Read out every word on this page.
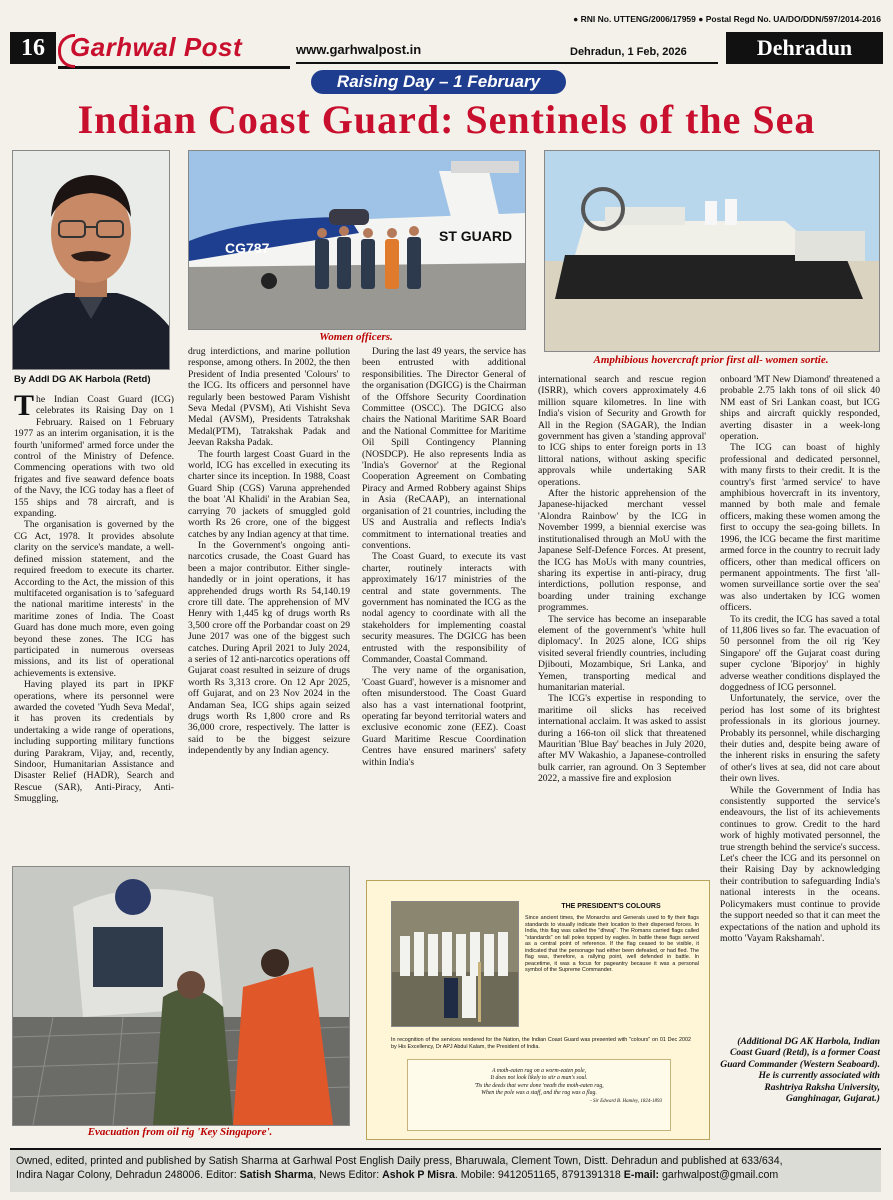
● RNI No. UTTENG/2006/17959 ● Postal Regd No. UA/DO/DDN/597/2014-2016
16 Garhwal Post	www.garhwalpost.in	Dehradun, 1 Feb, 2026	Dehradun
Raising Day – 1 February
Indian Coast Guard: Sentinels of the Sea
By Addl DG AK Harbola (Retd)
CG787
ST GUARD
Women officers.
Amphibious hovercraft prior first all- women sortie.

The Indian Coast Guard (ICG) celebrates its Raising Day on 1 February. Raised on 1 February 1977 as an interim organisation, it is the fourth 'uniformed' armed force under the control of the Ministry of Defence. Commencing operations with two old frigates and five seaward defence boats of the Navy, the ICG today has a fleet of 155 ships and 78 aircraft, and is expanding.

The organisation is governed by the CG Act, 1978. It provides absolute clarity on the service's mandate, a well-defined mission statement, and the required freedom to execute its charter. According to the Act, the mission of this multifaceted organisation is to 'safeguard the national maritime interests' in the maritime zones of India. The Coast Guard has done much more, even going beyond these zones. The ICG has participated in numerous overseas missions, and its list of operational achievements is extensive.

Having played its part in IPKF operations, where its personnel were awarded the coveted 'Yudh Seva Medal', it has proven its credentials by undertaking a wide range of operations, including supporting military functions during Parakram, Vijay, and, recently, Sindoor, Humanitarian Assistance and Disaster Relief (HADR), Search and Rescue (SAR), Anti-Piracy, Anti-Smuggling,

drug interdictions, and marine pollution response, among others. In 2002, the then President of India presented 'Colours' to the ICG. Its officers and personnel have regularly been bestowed Param Vishisht Seva Medal (PVSM), Ati Vishisht Seva Medal (AVSM), Presidents Tatrakshak Medal(PTM), Tatrakshak Padak and Jeevan Raksha Padak.

The fourth largest Coast Guard in the world, ICG has excelled in executing its charter since its inception. In 1988, Coast Guard Ship (CGS) Varuna apprehended the boat 'Al Khalidi' in the Arabian Sea, carrying 70 jackets of smuggled gold worth Rs 26 crore, one of the biggest catches by any Indian agency at that time.

In the Government's ongoing anti-narcotics crusade, the Coast Guard has been a major contributor. Either single-handedly or in joint operations, it has apprehended drugs worth Rs 54,140.19 crore till date. The apprehension of MV Henry with 1,445 kg of drugs worth Rs 3,500 crore off the Porbandar coast on 29 June 2017 was one of the biggest such catches. During April 2021 to July 2024, a series of 12 anti-narcotics operations off Gujarat coast resulted in seizure of drugs worth Rs 3,313 crore. On 12 Apr 2025, off Gujarat, and on 23 Nov 2024 in the Andaman Sea, ICG ships again seized drugs worth Rs 1,800 crore and Rs 36,000 crore, respectively. The latter is said to be the biggest seizure independently by any Indian agency.

During the last 49 years, the service has been entrusted with additional responsibilities. The Director General of the organisation (DGICG) is the Chairman of the Offshore Security Coordination Committee (OSCC). The DGICG also chairs the National Maritime SAR Board and the National Committee for Maritime Oil Spill Contingency Planning (NOSDCP). He also represents India as 'India's Governor' at the Regional Cooperation Agreement on Combating Piracy and Armed Robbery against Ships in Asia (ReCAAP), an international organisation of 21 countries, including the US and Australia and reflects India's commitment to international treaties and conventions.

The Coast Guard, to execute its vast charter, routinely interacts with approximately 16/17 ministries of the central and state governments. The government has nominated the ICG as the nodal agency to coordinate with all the stakeholders for implementing coastal security measures. The DGICG has been entrusted with the responsibility of Commander, Coastal Command.

The very name of the organisation, 'Coast Guard', however is a misnomer and often misunderstood. The Coast Guard also has a vast international footprint, operating far beyond territorial waters and exclusive economic zone (EEZ). Coast Guard Maritime Rescue Coordination Centres have ensured mariners' safety within India's

international search and rescue region (ISRR), which covers approximately 4.6 million square kilometres. In line with India's vision of Security and Growth for All in the Region (SAGAR), the Indian government has given a 'standing approval' to ICG ships to enter foreign ports in 13 littoral nations, without asking specific approvals while undertaking SAR operations.

After the historic apprehension of the Japanese-hijacked merchant vessel 'Alondra Rainbow' by the ICG in November 1999, a biennial exercise was institutionalised through an MoU with the Japanese Self-Defence Forces. At present, the ICG has MoUs with many countries, sharing its expertise in anti-piracy, drug interdictions, pollution response, and boarding under training exchange programmes.

The service has become an inseparable element of the government's 'white hull diplomacy'. In 2025 alone, ICG ships visited several friendly countries, including Djibouti, Mozambique, Sri Lanka, and Yemen, transporting medical and humanitarian material.

The ICG's expertise in responding to maritime oil slicks has received international acclaim. It was asked to assist during a 166-ton oil slick that threatened Mauritian 'Blue Bay' beaches in July 2020, after MV Wakashio, a Japanese-controlled bulk carrier, ran aground. On 3 September 2022, a massive fire and explosion

onboard 'MT New Diamond' threatened a probable 2.75 lakh tons of oil slick 40 NM east of Sri Lankan coast, but ICG ships and aircraft quickly responded, averting disaster in a week-long operation.

The ICG can boast of highly professional and dedicated personnel, with many firsts to their credit. It is the country's first 'armed service' to have amphibious hovercraft in its inventory, manned by both male and female officers, making these women among the first to occupy the sea-going billets. In 1996, the ICG became the first maritime armed force in the country to recruit lady officers, other than medical officers on permanent appointments. The first 'all-women surveillance sortie over the sea' was also undertaken by ICG women officers.

To its credit, the ICG has saved a total of 11,806 lives so far. The evacuation of 50 personnel from the oil rig 'Key Singapore' off the Gujarat coast during super cyclone 'Biporjoy' in highly adverse weather conditions displayed the doggedness of ICG personnel.

Unfortunately, the service, over the period has lost some of its brightest professionals in its glorious journey. Probably its personnel, while discharging their duties and, despite being aware of the inherent risks in ensuring the safety of other's lives at sea, did not care about their own lives.

While the Government of India has consistently supported the service's endeavours, the list of its achievements continues to grow. Credit to the hard work of highly motivated personnel, the true strength behind the service's success. Let's cheer the ICG and its personnel on their Raising Day by acknowledging their contribution to safeguarding India's national interests in the oceans. Policymakers must continue to provide the support needed so that it can meet the expectations of the nation and uphold its motto 'Vayam Rakshamah'.

(Additional DG AK Harbola, Indian Coast Guard (Retd), is a former Coast Guard Commander (Western Seaboard). He is currently associated with Rashtriya Raksha University, Ganghinagar, Gujarat.)
Evacuation from oil rig 'Key Singapore'.
THE PRESIDENT'S COLOURS
Since ancient times, the Monarchs and Generals used to fly their flags standards to visually indicate their location to their dispersed forces. In India, this flag was called the "dhwaj". The Romans carried flags called "standards" on tall poles topped by eagles. In battle these flags served as a central point of reference. If the flag ceased to be visible, it indicated that the personage had either been defeated, or had fled. The flag was, therefore, a rallying point, well defended in battle. In peacetime, it was a focus for pageantry because it was a personal symbol of the Supreme Commander.
In recognition of the services rendered for the Nation, the Indian Coast Guard was presented with "colours" on 01 Dec 2002 by His Excellency, Dr APJ Abdul Kalam, the President of India.
A moth-eaten rag on a worm-eaten pole,
It does not look likely to stir a man's soul.
'Tis the deeds that were done 'neath the moth-eaten rag,
When the pole was a staff, and the rag was a flag.
- Sir Edward B. Hamley, 1824-1893
Owned, edited, printed and published by Satish Sharma at Garhwal Post English Daily press, Bharuwala, Clement Town, Distt. Dehradun and published at 633/634,
Indira Nagar Colony, Dehradun 248006. Editor: Satish Sharma, News Editor: Ashok P Misra. Mobile: 9412051165, 8791391318 E-mail: garhwalpost@gmail.com
